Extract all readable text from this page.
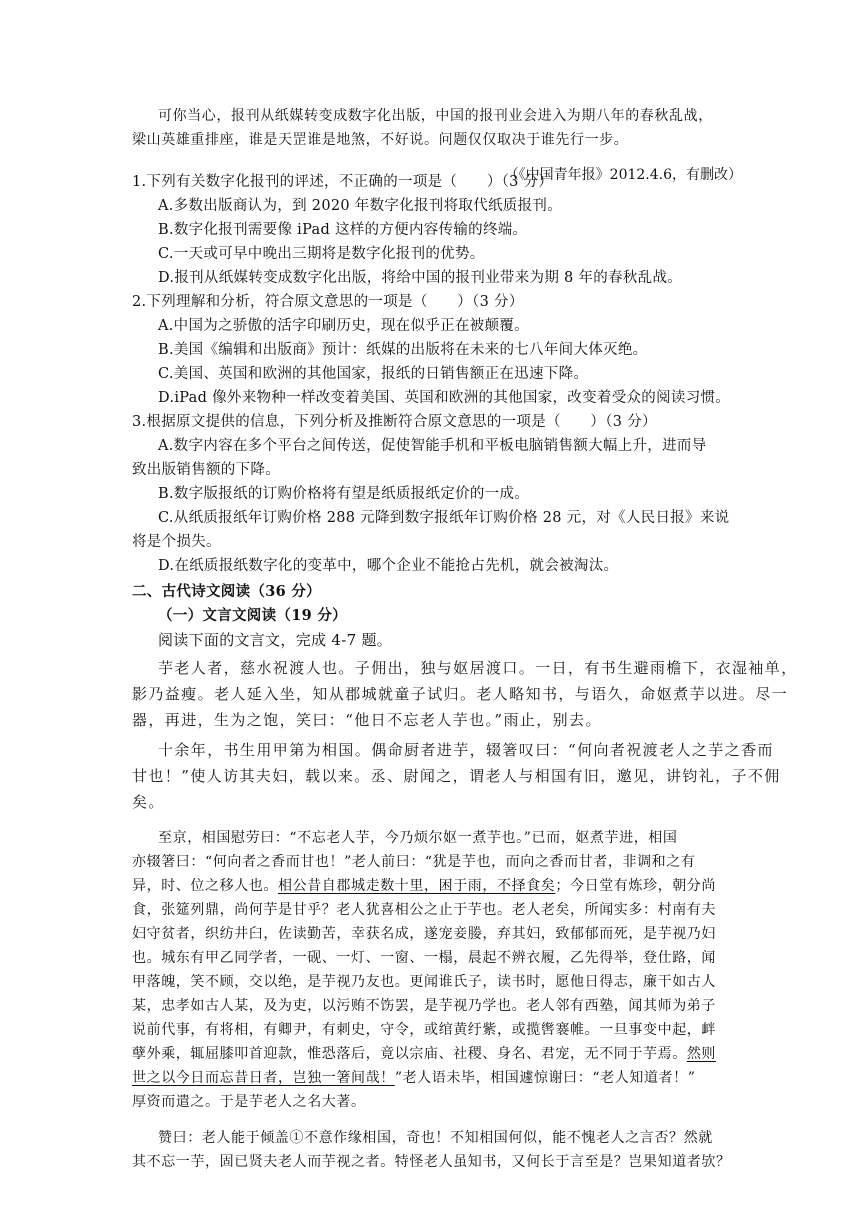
可你当心，报刊从纸媒转变成数字化出版，中国的报刊业会进入为期八年的春秋乱战，

梁山英雄重排座，谁是天罡谁是地煞，不好说。问题仅仅取决于谁先行一步。

（《中国青年报》2012.4.6，有删改）

1.下列有关数字化报刊的评述，不正确的一项是（　　）（3 分）

A.多数出版商认为，到 2020 年数字化报刊将取代纸质报刊。

B.数字化报刊需要像 iPad 这样的方便内容传输的终端。

C.一天或可早中晚出三期将是数字化报刊的优势。

D.报刊从纸媒转变成数字化出版，将给中国的报刊业带来为期 8 年的春秋乱战。

2.下列理解和分析，符合原文意思的一项是（　　）（3 分）

A.中国为之骄傲的活字印刷历史，现在似乎正在被颠覆。

B.美国《编辑和出版商》预计：纸媒的出版将在未来的七八年间大体灭绝。

C.美国、英国和欧洲的其他国家，报纸的日销售额正在迅速下降。

D.iPad 像外来物种一样改变着美国、英国和欧洲的其他国家，改变着受众的阅读习惯。

3.根据原文提供的信息，下列分析及推断符合原文意思的一项是（　　）（3 分）

A.数字内容在多个平台之间传送，促使智能手机和平板电脑销售额大幅上升，进而导

致出版销售额的下降。

B.数字版报纸的订购价格将有望是纸质报纸定价的一成。

C.从纸质报纸年订购价格 288 元降到数字报纸年订购价格 28 元，对《人民日报》来说

将是个损失。

D.在纸质报纸数字化的变革中，哪个企业不能抢占先机，就会被淘汰。

二、古代诗文阅读（36 分）

（一）文言文阅读（19 分）

阅读下面的文言文，完成 4-7 题。

芋老人者，慈水祝渡人也。子佣出，独与妪居渡口。一日，有书生避雨檐下，衣湿袖单，

影乃益瘦。老人延入坐，知从郡城就童子试归。老人略知书，与语久，命妪煮芋以进。尽一

器，再进，生为之饱，笑曰：“他日不忘老人芋也。”雨止，别去。

十余年，书生用甲第为相国。偶命厨者进芋，辍箸叹曰：“何向者祝渡老人之芋之香而

甘也！”使人访其夫妇，载以来。丞、尉闻之，谓老人与相国有旧，邀见，讲钧礼，子不佣

矣。

至京，相国慰劳曰：“不忘老人芋，今乃烦尔妪一煮芋也。”已而，妪煮芋进，相国

亦辍箸曰：“何向者之香而甘也！”老人前曰：“犹是芋也，而向之香而甘者，非调和之有

异，时、位之移人也。相公昔自郡城走数十里，困于雨，不择食矣；今日堂有炼珍，朝分尚

食，张筵列鼎，尚何芋是甘乎？老人犹喜相公之止于芋也。老人老矣，所闻实多：村南有夫

妇守贫者，织纺井臼，佐读勤苦，幸获名成，遂宠妾媵，弃其妇，致郁郁而死，是芋视乃妇

也。城东有甲乙同学者，一砚、一灯、一窗、一榻，晨起不辨衣履，乙先得举，登仕路，闻

甲落魄，笑不顾，交以绝，是芋视乃友也。更闻谁氏子，读书时，愿他日得志，廉干如古人

某，忠孝如古人某，及为吏，以污贿不饬罢，是芋视乃学也。老人邻有西塾，闻其师为弟子

说前代事，有将相，有卿尹，有刺史，守令，或绾黄纡紫，或揽辔褰帷。一旦事变中起，衅

孽外乘，辄屈膝叩首迎款，惟恐落后，竟以宗庙、社稷、身名、君宠，无不同于芋焉。然则

世之以今日而忘昔日者，岂独一箸间哉！”老人语未毕，相国遽惊谢曰：“老人知道者！”

厚资而遣之。于是芋老人之名大著。

赞曰：老人能于倾盖①不意作缘相国，奇也！不知相国何似，能不愧老人之言否？然就

其不忘一芋，固已贤夫老人而芋视之者。特怪老人虽知书，又何长于言至是？岂果知道者欤？
